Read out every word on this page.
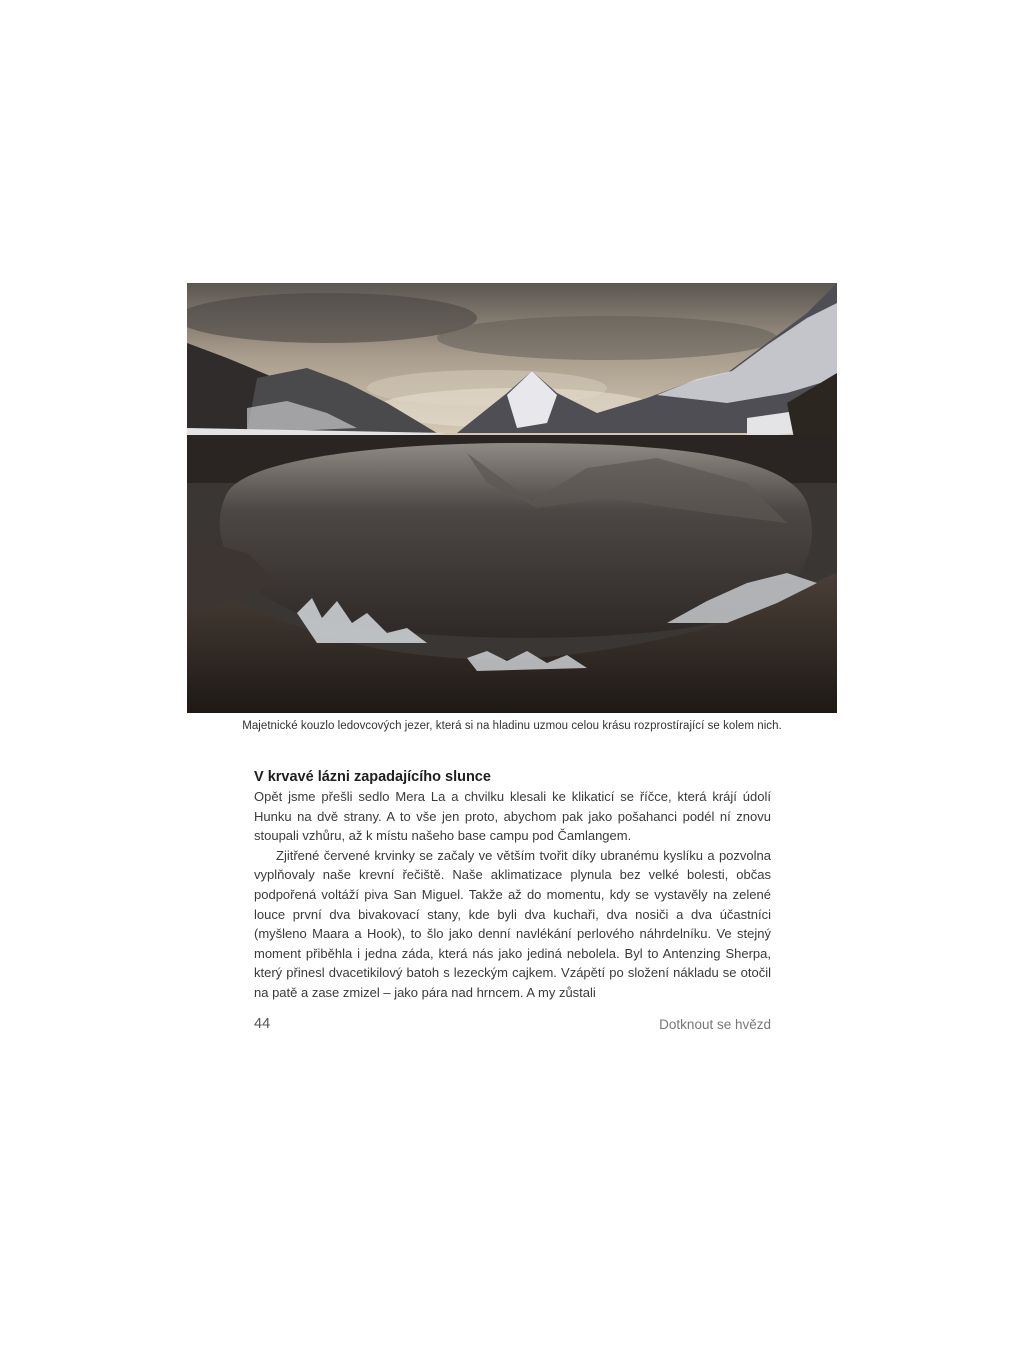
Majetnické kouzlo ledovcových jezer, která si na hladinu uzmou celou krásu rozprostírající se kolem nich.
V krvavé lázni zapadajícího slunce

Opět jsme přešli sedlo Mera La a chvilku klesali ke klikaticí se říčce, která krájí údolí Hunku na dvě strany. A to vše jen proto, abychom pak jako pošahanci podél ní znovu stoupali vzhůru, až k místu našeho base campu pod Čamlangem.

Zjitřené červené krvinky se začaly ve větším tvořit díky ubranému kyslíku a pozvolna vyplňovaly naše krevní řečiště. Naše aklimatizace plynula bez velké bolesti, občas podpořená voltáží piva San Miguel. Takže až do momentu, kdy se vystavěly na zelené louce první dva bivakovací stany, kde byli dva kuchaři, dva nosiči a dva účastníci (myšleno Maara a Hook), to šlo jako denní navlékání perlového náhrdelníku. Ve stejný moment přiběhla i jedna záda, která nás jako jediná nebolela. Byl to Antenzing Sherpa, který přinesl dvacetikilový batoh s lezeckým cajkem. Vzápětí po složení nákladu se otočil na patě a zase zmizel – jako pára nad hrncem. A my zůstali

44	Dotknout se hvězd
